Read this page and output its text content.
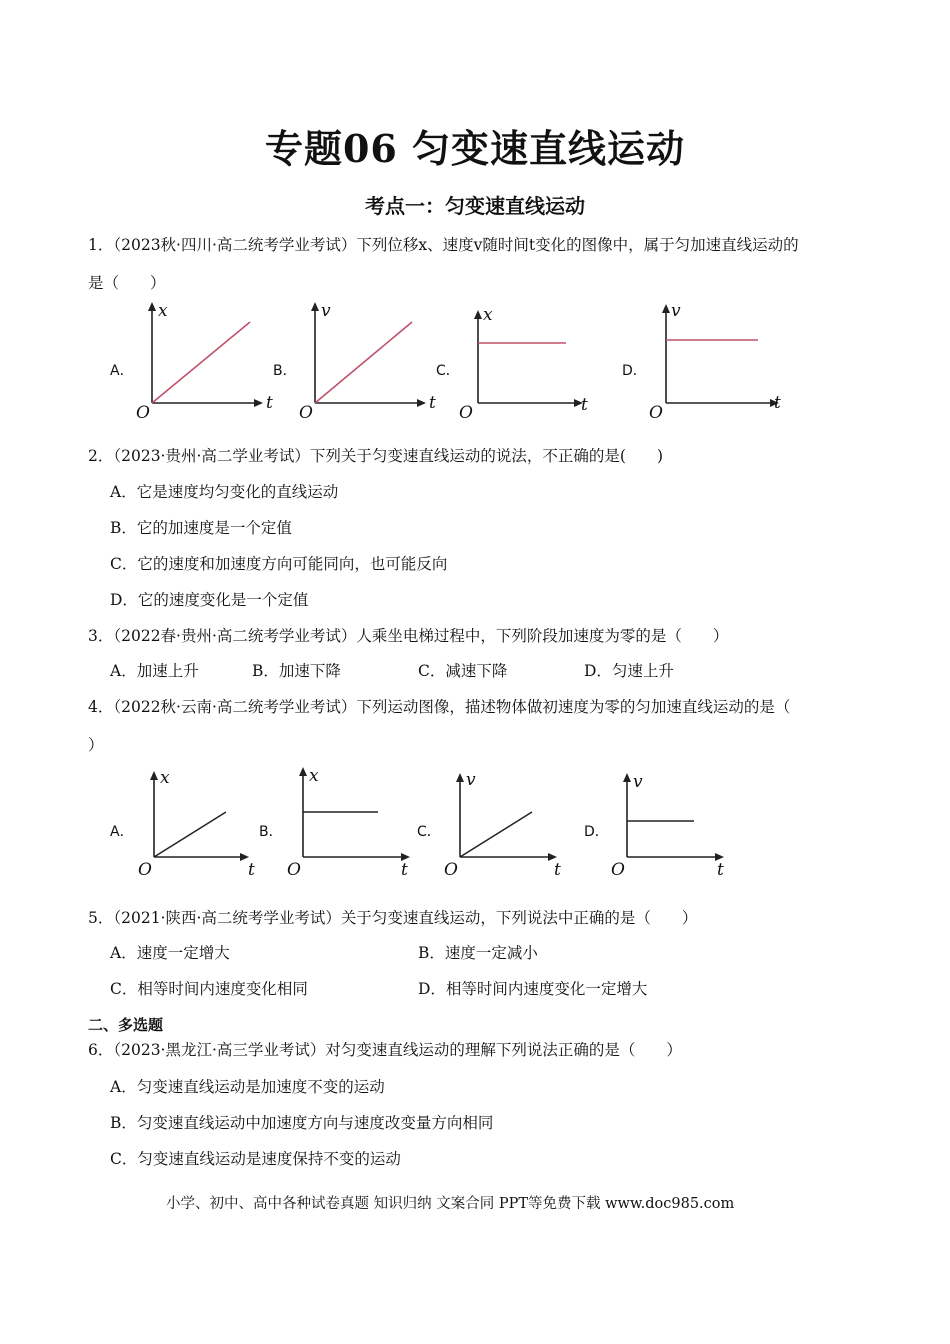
专题06 匀变速直线运动
考点一：匀变速直线运动
1．（2023秋·四川·高二统考学业考试）下列位移x、速度v随时间t变化的图像中，属于匀加速直线运动的
是（　　）
A．	B．	C．	D．
x
t
O
v
t
O
x
t
O
v
t
O
2．（2023·贵州·高二学业考试）下列关于匀变速直线运动的说法，不正确的是(　　)
A．它是速度均匀变化的直线运动
B．它的加速度是一个定值
C．它的速度和加速度方向可能同向，也可能反向
D．它的速度变化是一个定值
3．（2022春·贵州·高二统考学业考试）人乘坐电梯过程中，下列阶段加速度为零的是（　　）
A．加速上升	B．加速下降	C．减速下降	D．匀速上升
4．（2022秋·云南·高二统考学业考试）下列运动图像，描述物体做初速度为零的匀加速直线运动的是（
）
A．	B．	C．	D．
x
t
O
x
t
O
v
t
O
v
t
O
5．（2021·陕西·高二统考学业考试）关于匀变速直线运动，下列说法中正确的是（　　）
A．速度一定增大	B．速度一定减小
C．相等时间内速度变化相同	D．相等时间内速度变化一定增大
二、多选题
6．（2023·黑龙江·高三学业考试）对匀变速直线运动的理解下列说法正确的是（　　）
A．匀变速直线运动是加速度不变的运动
B．匀变速直线运动中加速度方向与速度改变量方向相同
C．匀变速直线运动是速度保持不变的运动
小学、初中、高中各种试卷真题 知识归纳 文案合同 PPT等免费下载 www.doc985.com
